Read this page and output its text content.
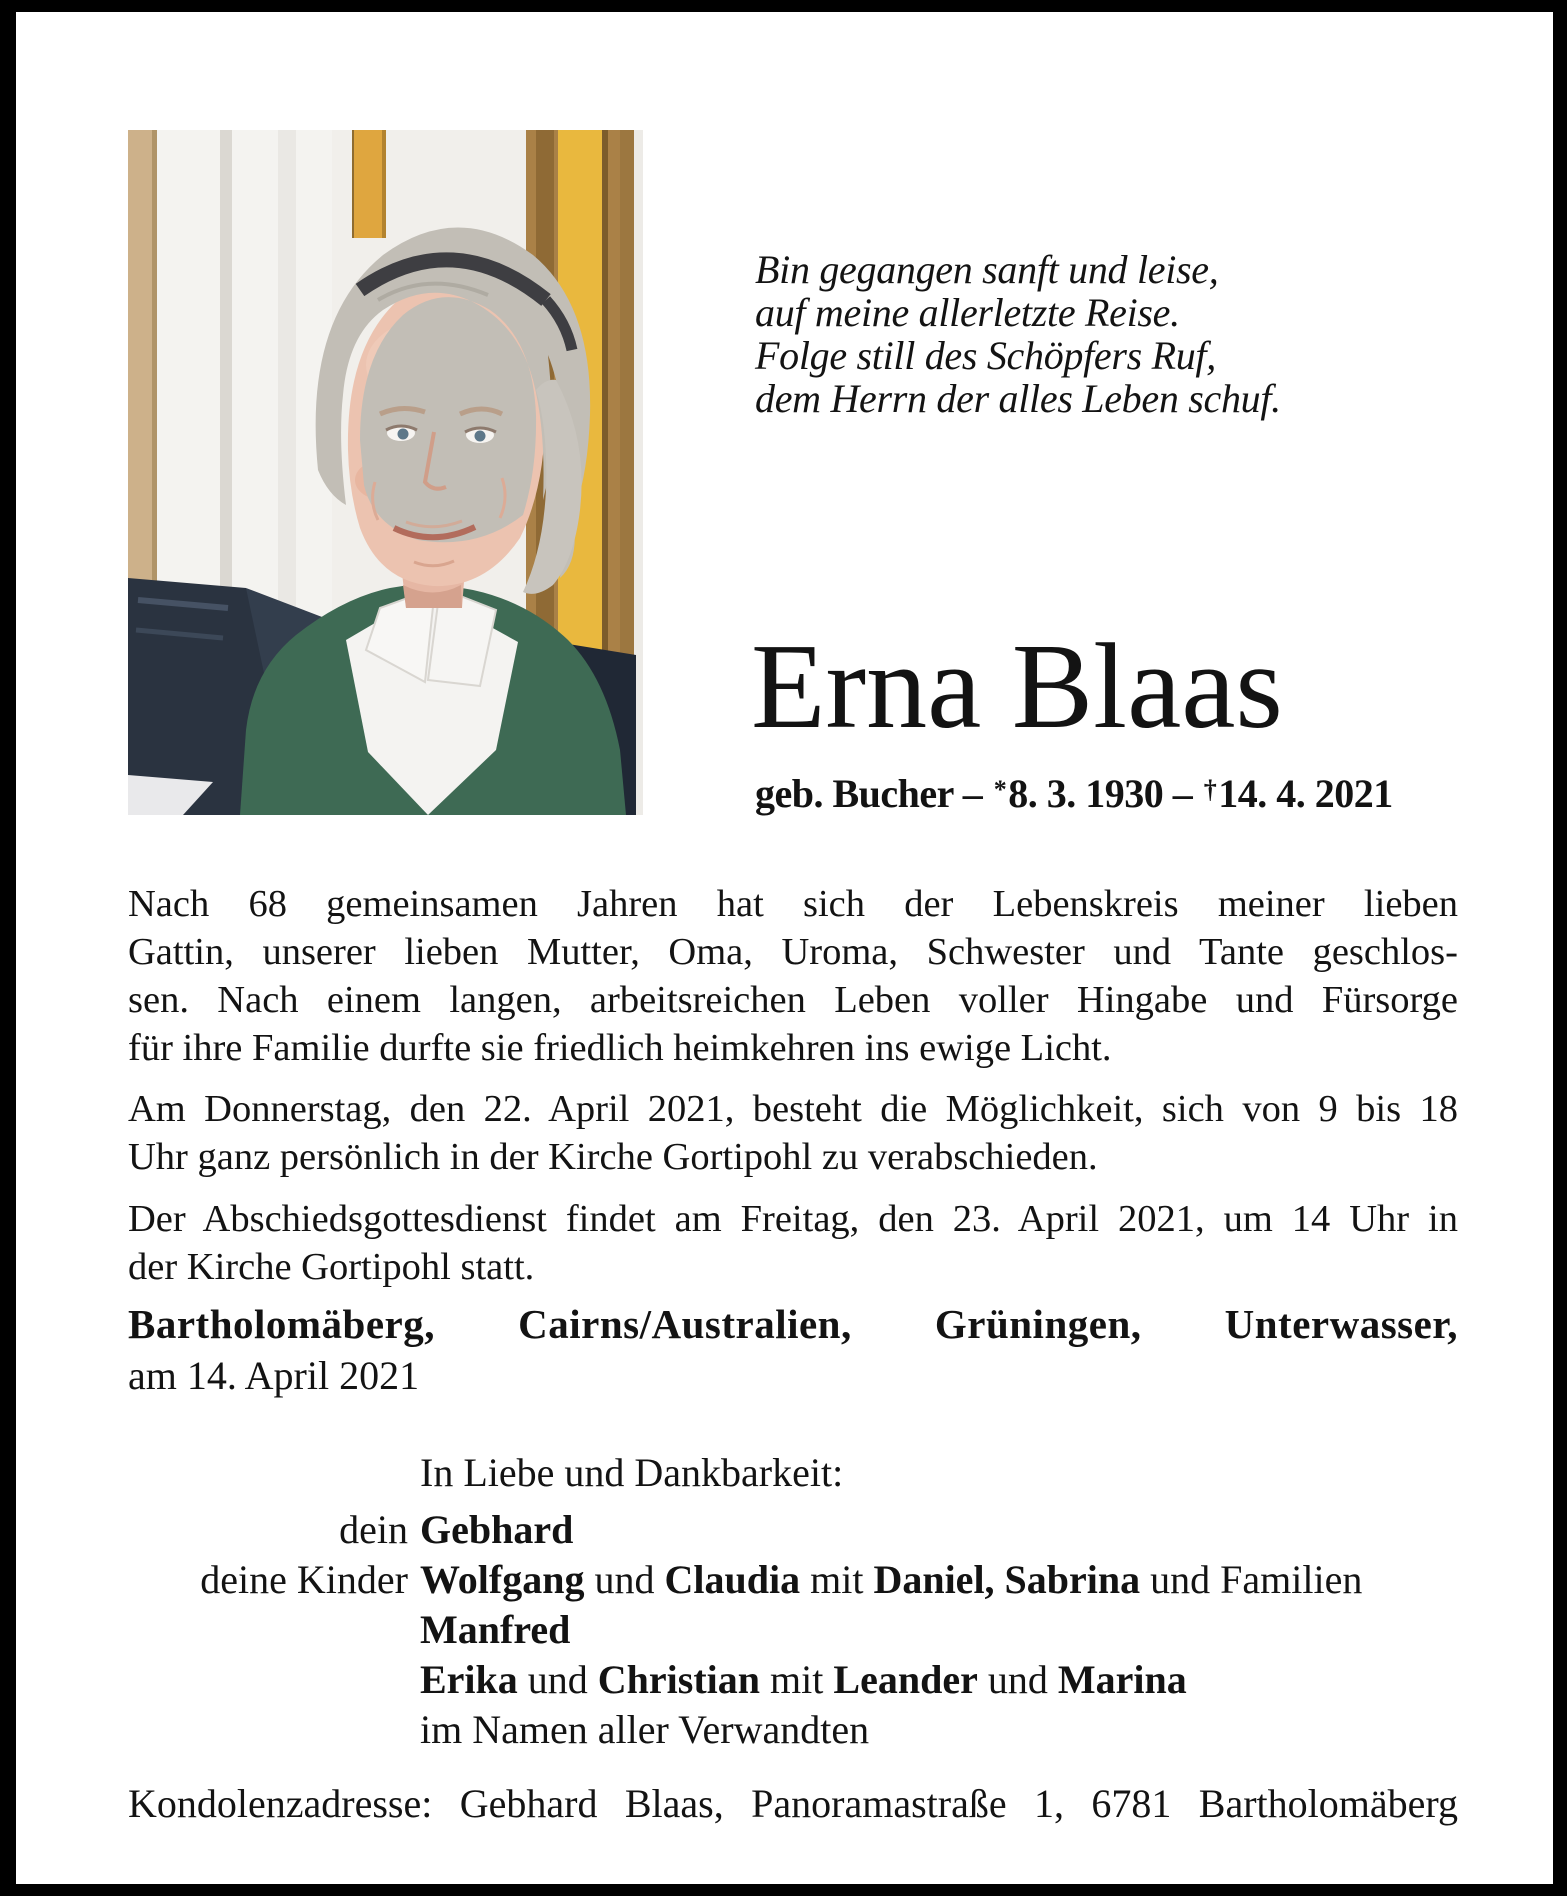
Bin gegangen sanft und leise,
auf meine allerletzte Reise.
Folge still des Schöpfers Ruf,
dem Herrn der alles Leben schuf.
Erna Blaas
geb. Bucher – *8. 3. 1930 – †14. 4. 2021
Nach 68 gemeinsamen Jahren hat sich der Lebenskreis meiner lieben
Gattin, unserer lieben Mutter, Oma, Uroma, Schwester und Tante geschlos-
sen. Nach einem langen, arbeitsreichen Leben voller Hingabe und Fürsorge
für ihre Familie durfte sie friedlich heimkehren ins ewige Licht.
Am Donnerstag, den 22. April 2021, besteht die Möglichkeit, sich von 9 bis 18
Uhr ganz persönlich in der Kirche Gortipohl zu verabschieden.
Der Abschiedsgottesdienst findet am Freitag, den 23. April 2021, um 14 Uhr in
der Kirche Gortipohl statt.
Bartholomäberg, Cairns/Australien, Grüningen, Unterwasser,
am 14. April 2021
In Liebe und Dankbarkeit:
dein Gebhard
deine Kinder Wolfgang und Claudia mit Daniel, Sabrina und Familien
Manfred
Erika und Christian mit Leander und Marina
im Namen aller Verwandten
Kondolenzadresse: Gebhard Blaas, Panoramastraße 1, 6781 Bartholomäberg
